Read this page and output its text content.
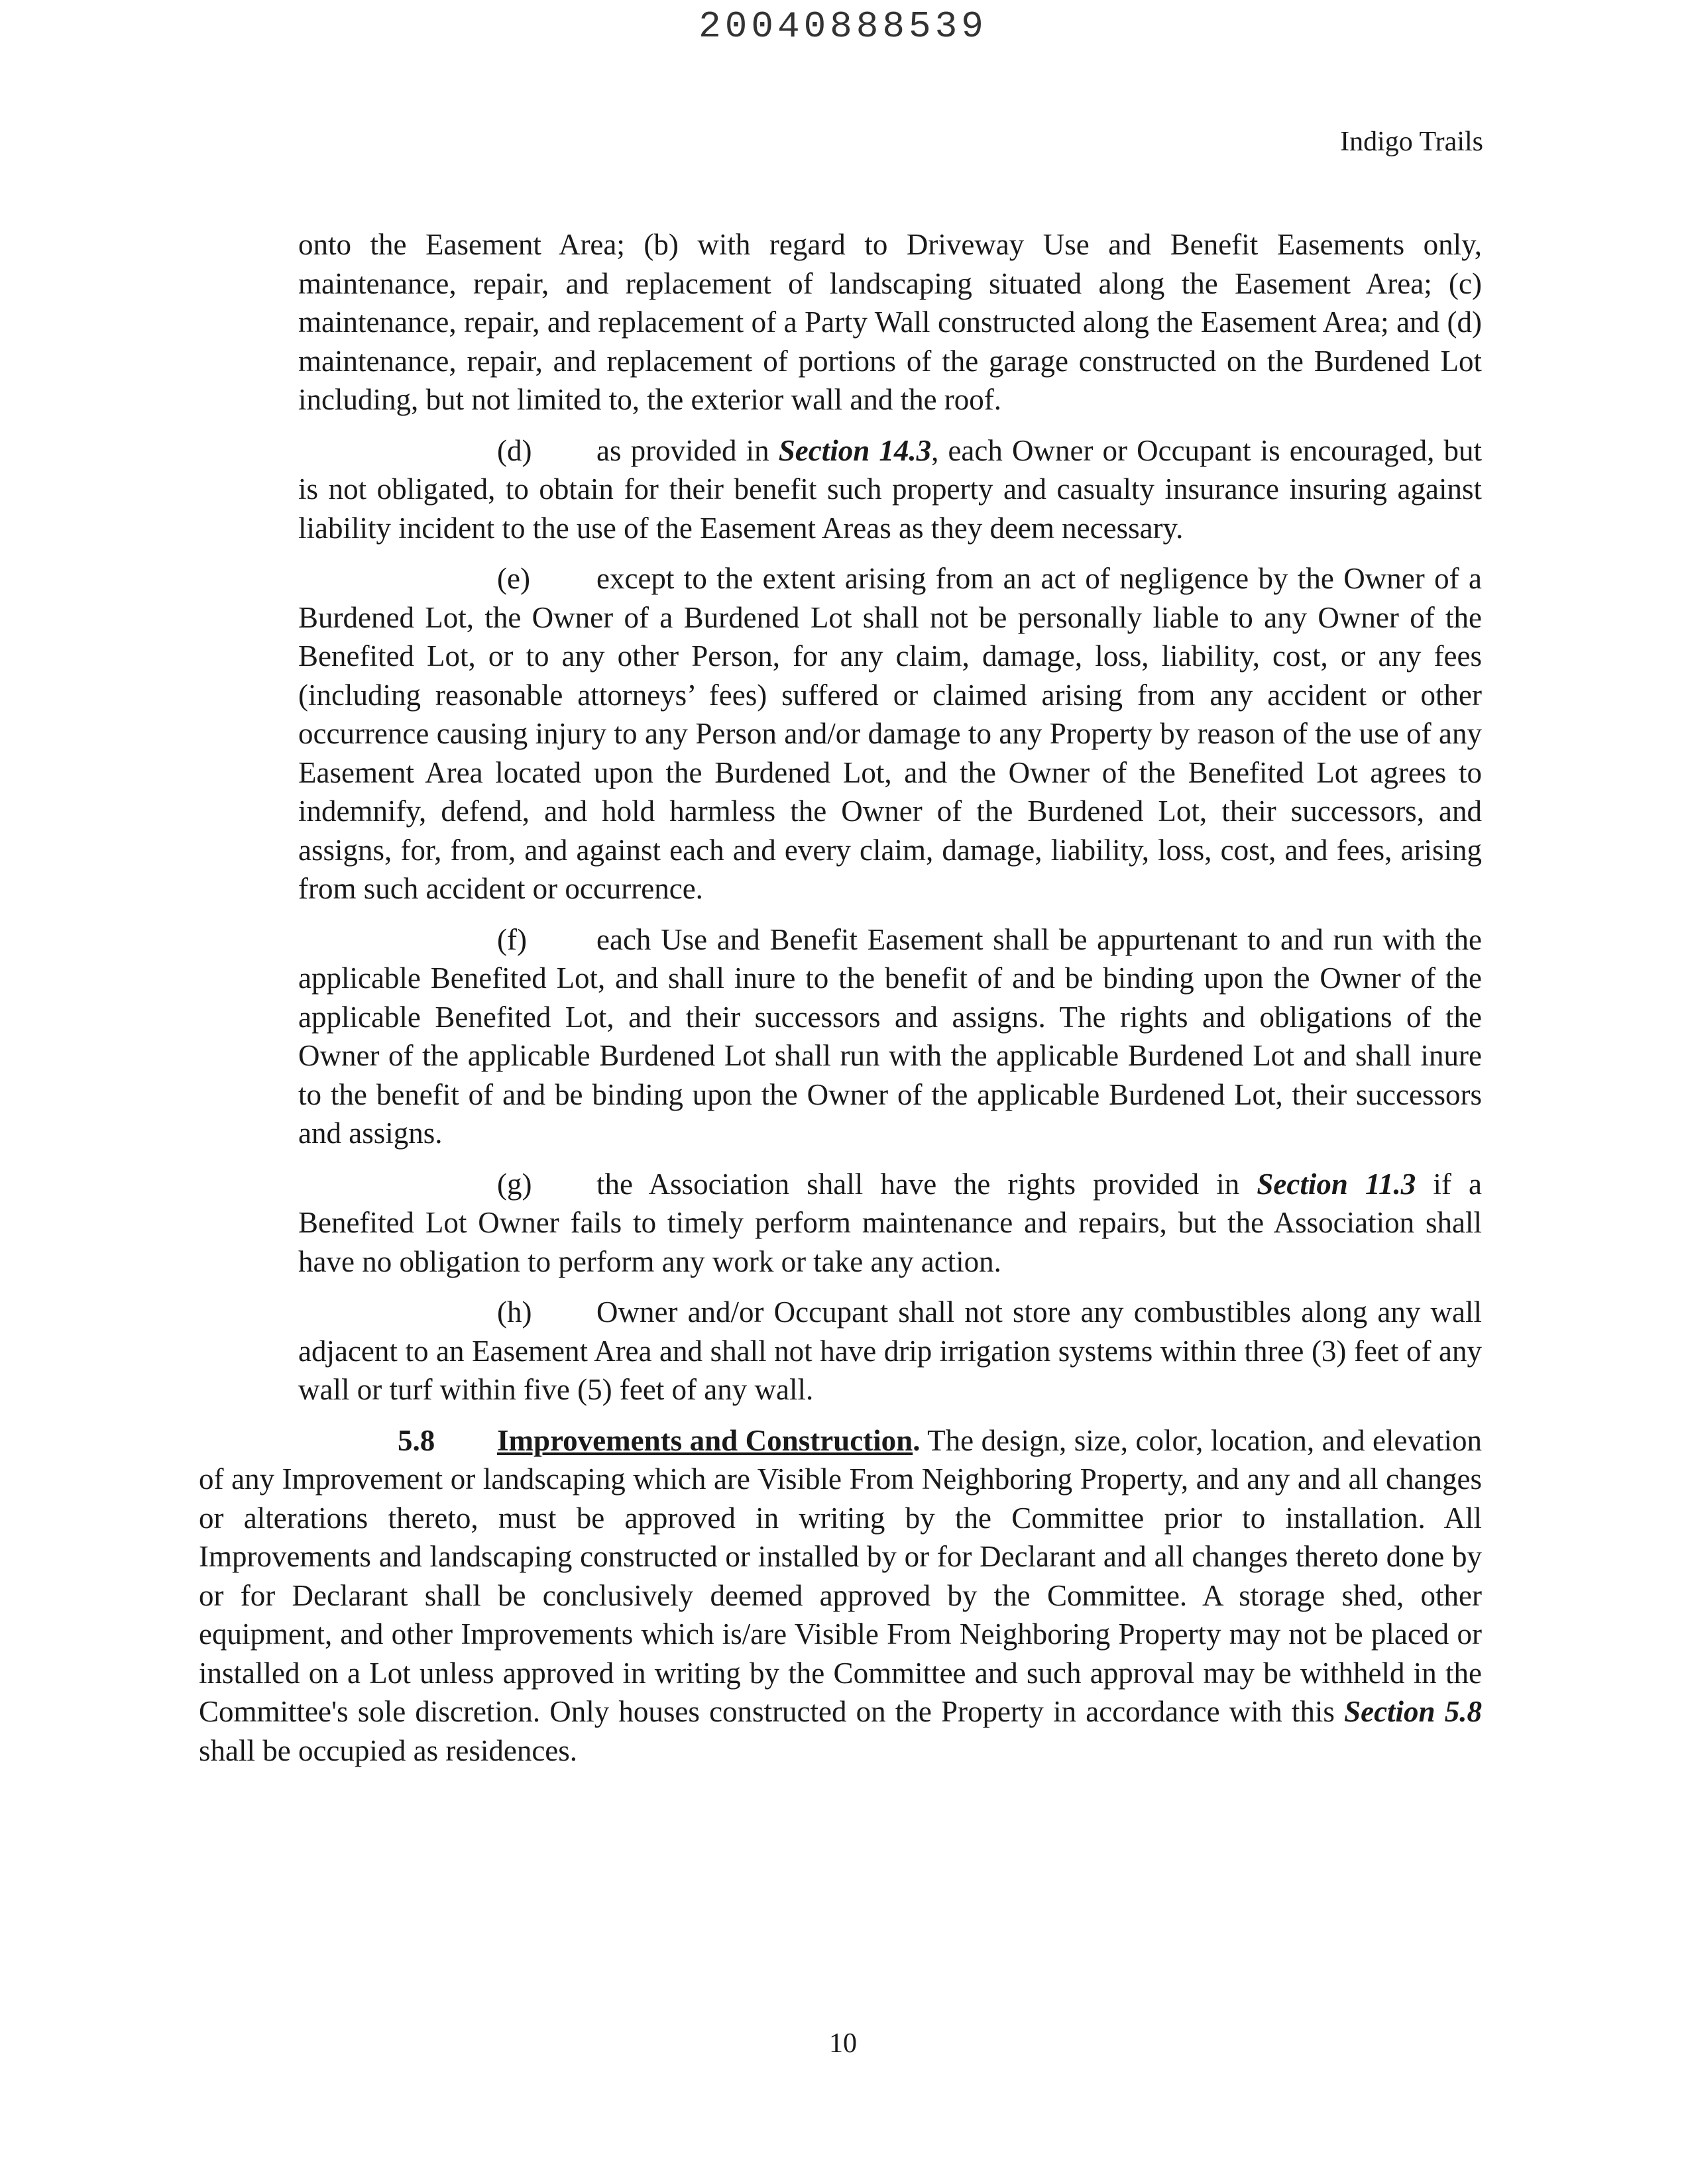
20040888539
Indigo Trails

onto the Easement Area; (b) with regard to Driveway Use and Benefit Easements only, maintenance, repair, and replacement of landscaping situated along the Easement Area; (c) maintenance, repair, and replacement of a Party Wall constructed along the Easement Area; and (d) maintenance, repair, and replacement of portions of the garage constructed on the Burdened Lot including, but not limited to, the exterior wall and the roof.

(d) as provided in Section 14.3, each Owner or Occupant is encouraged, but is not obligated, to obtain for their benefit such property and casualty insurance insuring against liability incident to the use of the Easement Areas as they deem necessary.

(e) except to the extent arising from an act of negligence by the Owner of a Burdened Lot, the Owner of a Burdened Lot shall not be personally liable to any Owner of the Benefited Lot, or to any other Person, for any claim, damage, loss, liability, cost, or any fees (including reasonable attorneys’ fees) suffered or claimed arising from any accident or other occurrence causing injury to any Person and/or damage to any Property by reason of the use of any Easement Area located upon the Burdened Lot, and the Owner of the Benefited Lot agrees to indemnify, defend, and hold harmless the Owner of the Burdened Lot, their successors, and assigns, for, from, and against each and every claim, damage, liability, loss, cost, and fees, arising from such accident or occurrence.

(f) each Use and Benefit Easement shall be appurtenant to and run with the applicable Benefited Lot, and shall inure to the benefit of and be binding upon the Owner of the applicable Benefited Lot, and their successors and assigns. The rights and obligations of the Owner of the applicable Burdened Lot shall run with the applicable Burdened Lot and shall inure to the benefit of and be binding upon the Owner of the applicable Burdened Lot, their successors and assigns.

(g) the Association shall have the rights provided in Section 11.3 if a Benefited Lot Owner fails to timely perform maintenance and repairs, but the Association shall have no obligation to perform any work or take any action.

(h) Owner and/or Occupant shall not store any combustibles along any wall adjacent to an Easement Area and shall not have drip irrigation systems within three (3) feet of any wall or turf within five (5) feet of any wall.

5.8 Improvements and Construction. The design, size, color, location, and elevation of any Improvement or landscaping which are Visible From Neighboring Property, and any and all changes or alterations thereto, must be approved in writing by the Committee prior to installation. All Improvements and landscaping constructed or installed by or for Declarant and all changes thereto done by or for Declarant shall be conclusively deemed approved by the Committee. A storage shed, other equipment, and other Improvements which is/are Visible From Neighboring Property may not be placed or installed on a Lot unless approved in writing by the Committee and such approval may be withheld in the Committee's sole discretion. Only houses constructed on the Property in accordance with this Section 5.8 shall be occupied as residences.

10
